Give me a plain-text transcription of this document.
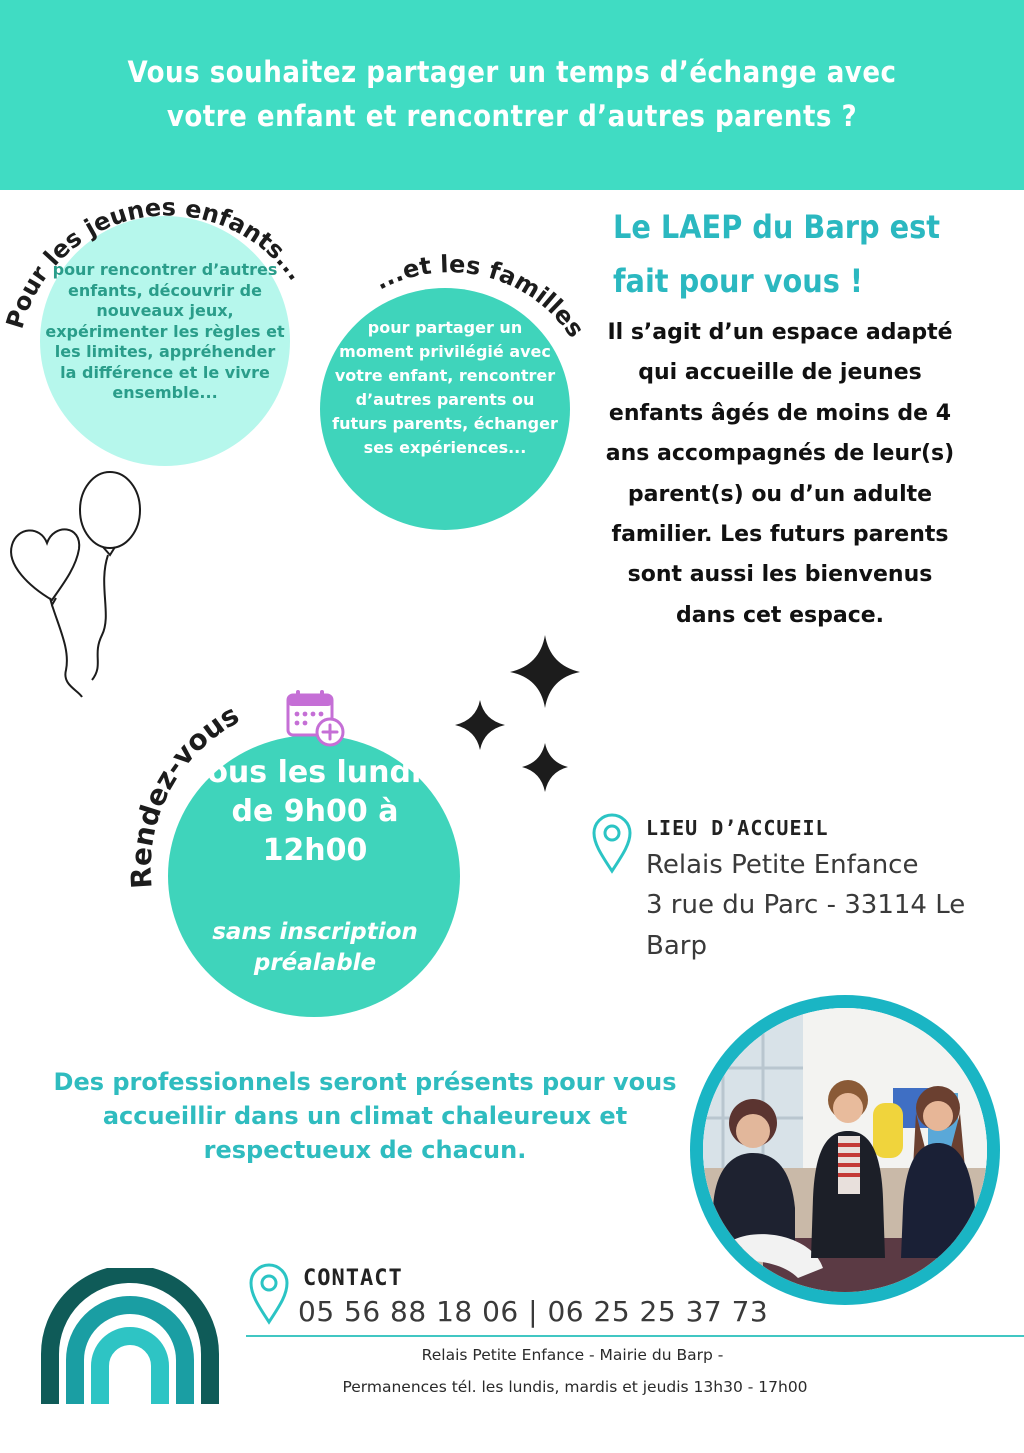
Vous souhaitez partager un temps d’échange avec
votre enfant et rencontrer d’autres parents ?
pour rencontrer d’autres enfants, découvrir de nouveaux jeux, expérimenter les règles et les limites, appréhender la différence et le vivre ensemble...
pour partager un moment privilégié avec votre enfant, rencontrer d’autres parents ou futurs parents, échanger ses expériences...
Pour les jeunes enfants... ...et les familles
Rendez-vous
Le LAEP du Barp est
fait pour vous !
Il s’agit d’un espace adapté qui accueille de jeunes enfants âgés de moins de 4 ans accompagnés de leur(s) parent(s) ou d’un adulte familier. Les futurs parents sont aussi les bienvenus dans cet espace.
Tous les lundis de 9h00 à 12h00
sans inscription préalable
LIEU D’ACCUEIL
Relais Petite Enfance
3 rue du Parc - 33114 Le Barp
Des professionnels seront présents pour vous accueillir dans un climat chaleureux et respectueux de chacun.
CONTACT
05 56 88 18 06 | 06 25 25 37 73
Relais Petite Enfance - Mairie du Barp -
Permanences tél. les lundis, mardis et jeudis 13h30 - 17h00
